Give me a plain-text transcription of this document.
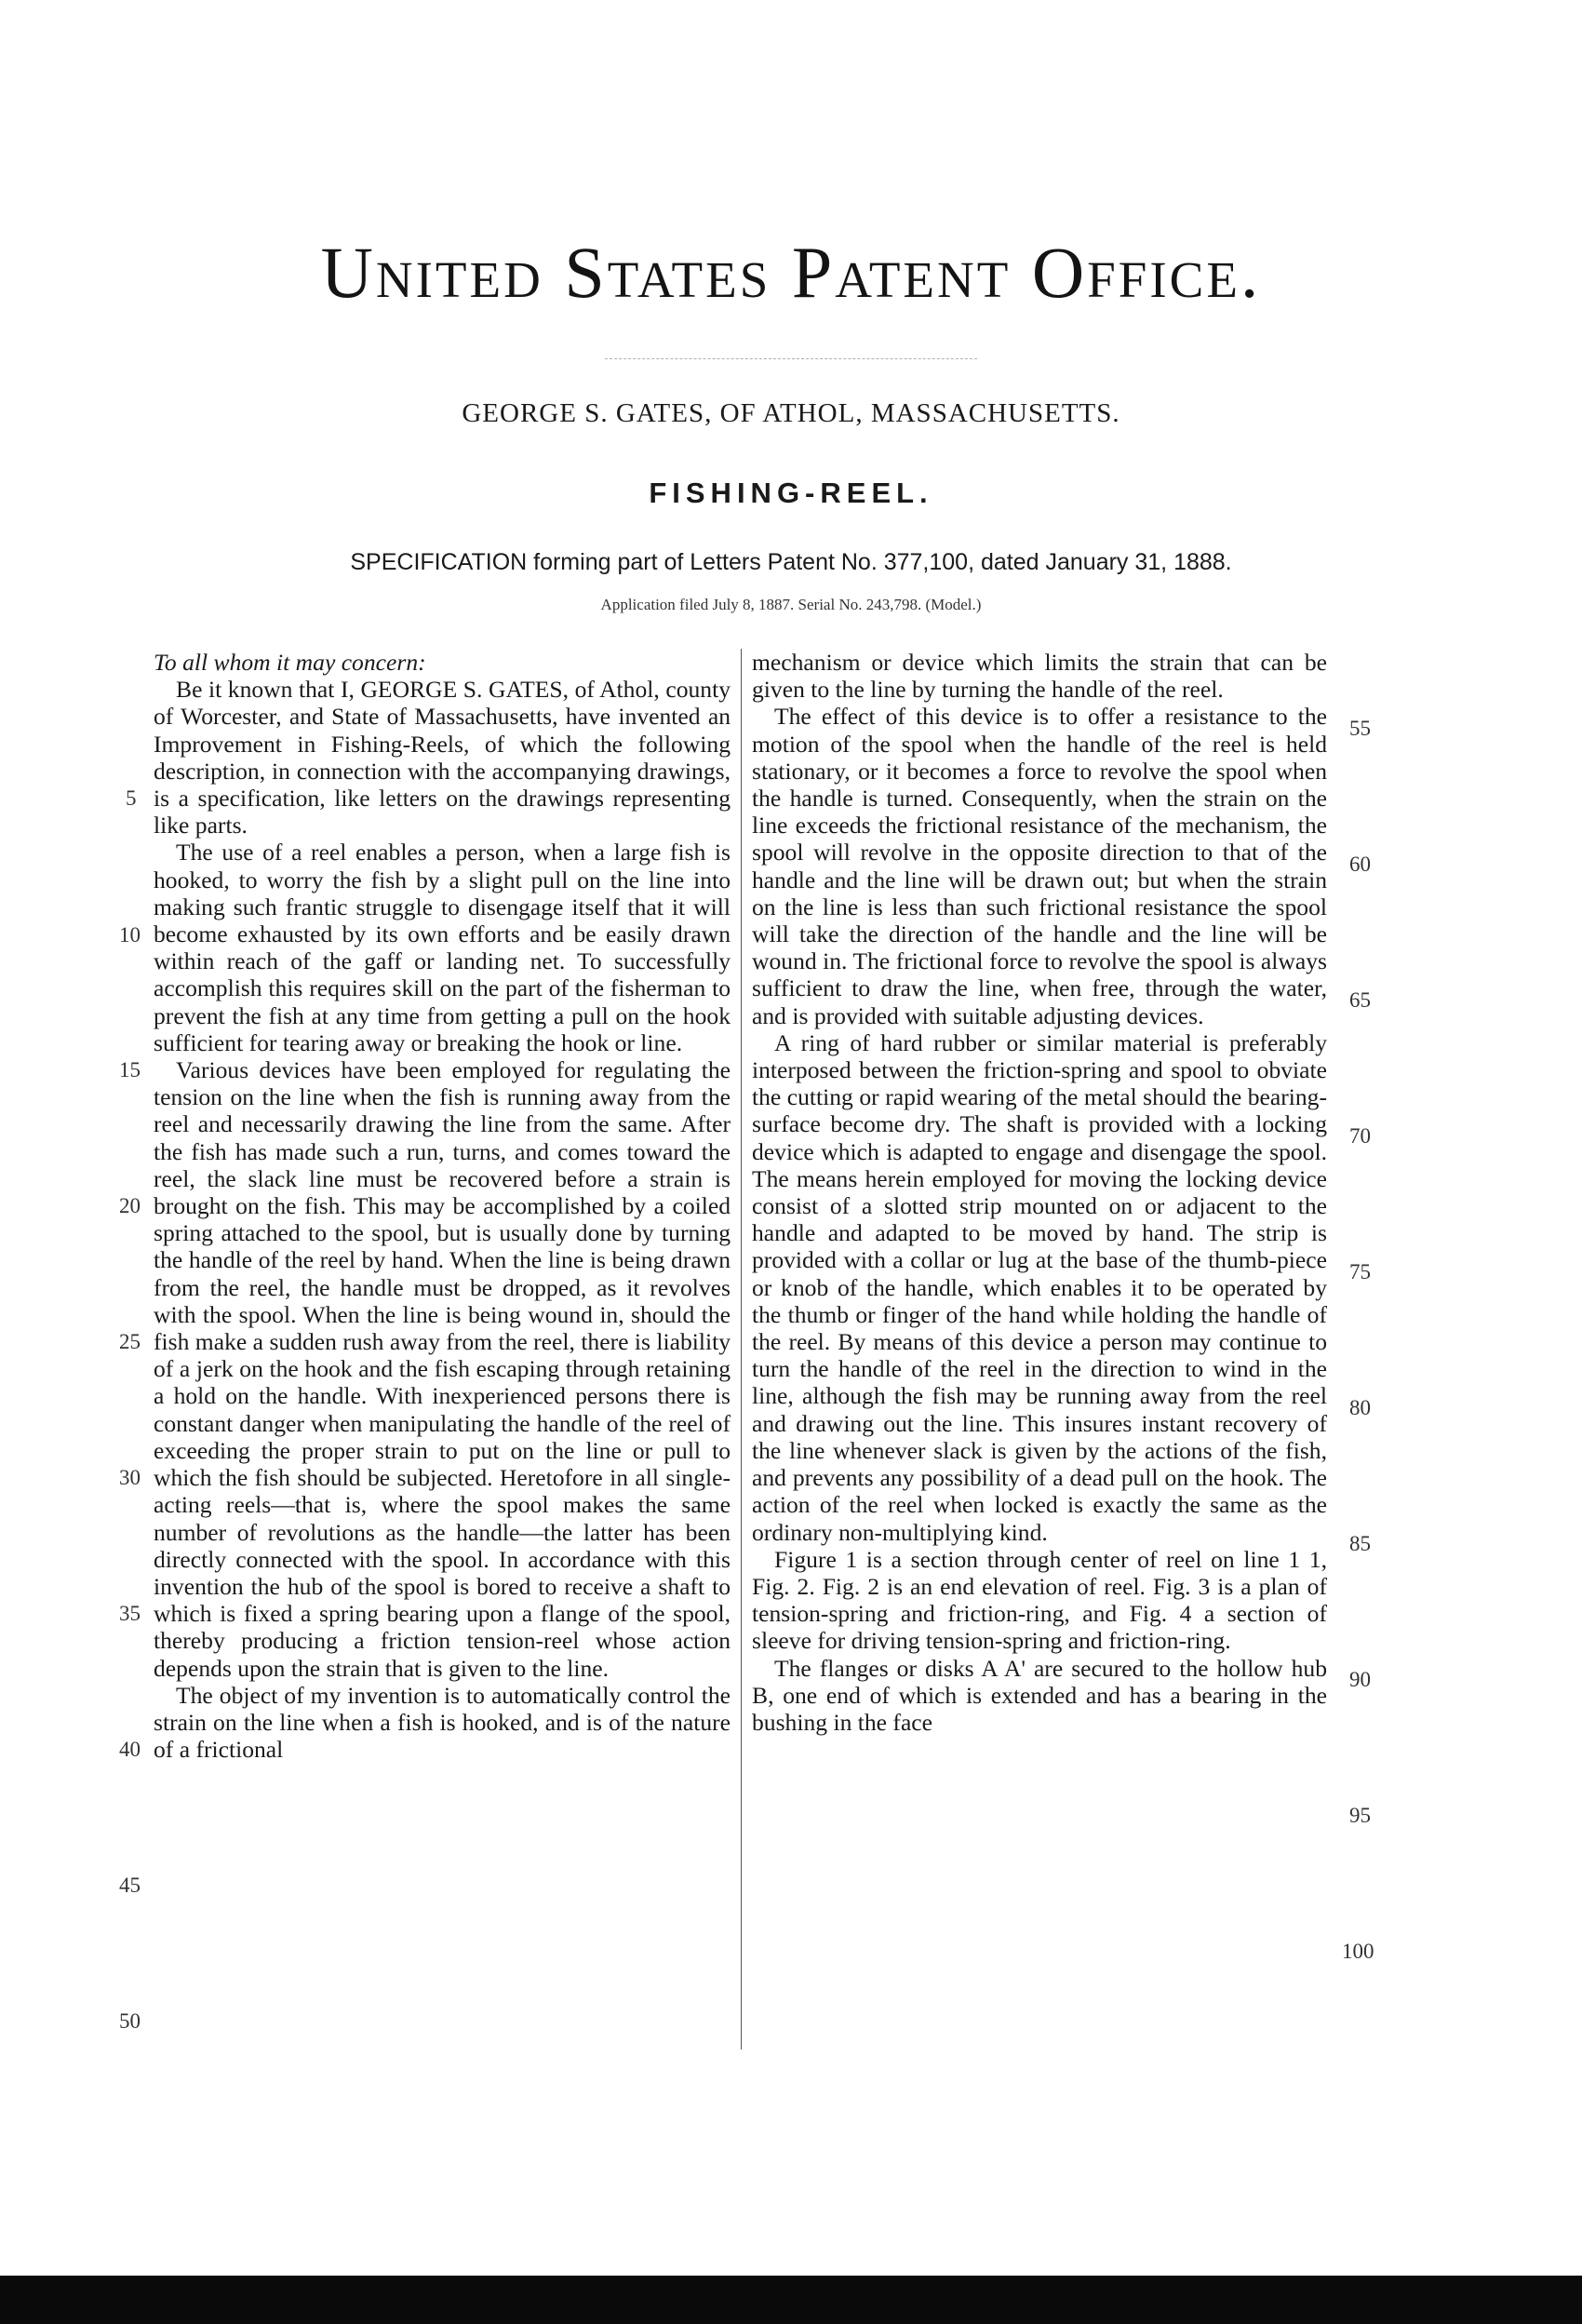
United States Patent Office.
GEORGE S. GATES, OF ATHOL, MASSACHUSETTS.
FISHING-REEL.
SPECIFICATION forming part of Letters Patent No. 377,100, dated January 31, 1888.
Application filed July 8, 1887. Serial No. 243,798. (Model.)

To all whom it may concern:

Be it known that I, GEORGE S. GATES, of Athol, county of Worcester, and State of Massachusetts, have invented an Improvement in Fishing-Reels, of which the following description, in connection with the accompanying drawings, is a specification, like letters on the drawings representing like parts.

The use of a reel enables a person, when a large fish is hooked, to worry the fish by a slight pull on the line into making such frantic struggle to disengage itself that it will become exhausted by its own efforts and be easily drawn within reach of the gaff or landing net. To successfully accomplish this requires skill on the part of the fisherman to prevent the fish at any time from getting a pull on the hook sufficient for tearing away or breaking the hook or line.

Various devices have been employed for regulating the tension on the line when the fish is running away from the reel and necessarily drawing the line from the same. After the fish has made such a run, turns, and comes toward the reel, the slack line must be recovered before a strain is brought on the fish. This may be accomplished by a coiled spring attached to the spool, but is usually done by turning the handle of the reel by hand. When the line is being drawn from the reel, the handle must be dropped, as it revolves with the spool. When the line is being wound in, should the fish make a sudden rush away from the reel, there is liability of a jerk on the hook and the fish escaping through retaining a hold on the handle. With inexperienced persons there is constant danger when manipulating the handle of the reel of exceeding the proper strain to put on the line or pull to which the fish should be subjected. Heretofore in all single-acting reels—that is, where the spool makes the same number of revolutions as the handle—the latter has been directly connected with the spool. In accordance with this invention the hub of the spool is bored to receive a shaft to which is fixed a spring bearing upon a flange of the spool, thereby producing a friction tension-reel whose action depends upon the strain that is given to the line.

The object of my invention is to automatically control the strain on the line when a fish is hooked, and is of the nature of a frictional

mechanism or device which limits the strain that can be given to the line by turning the handle of the reel.

The effect of this device is to offer a resistance to the motion of the spool when the handle of the reel is held stationary, or it becomes a force to revolve the spool when the handle is turned. Consequently, when the strain on the line exceeds the frictional resistance of the mechanism, the spool will revolve in the opposite direction to that of the handle and the line will be drawn out; but when the strain on the line is less than such frictional resistance the spool will take the direction of the handle and the line will be wound in. The frictional force to revolve the spool is always sufficient to draw the line, when free, through the water, and is provided with suitable adjusting devices.

A ring of hard rubber or similar material is preferably interposed between the friction-spring and spool to obviate the cutting or rapid wearing of the metal should the bearing-surface become dry. The shaft is provided with a locking device which is adapted to engage and disengage the spool. The means herein employed for moving the locking device consist of a slotted strip mounted on or adjacent to the handle and adapted to be moved by hand. The strip is provided with a collar or lug at the base of the thumb-piece or knob of the handle, which enables it to be operated by the thumb or finger of the hand while holding the handle of the reel. By means of this device a person may continue to turn the handle of the reel in the direction to wind in the line, although the fish may be running away from the reel and drawing out the line. This insures instant recovery of the line whenever slack is given by the actions of the fish, and prevents any possibility of a dead pull on the hook. The action of the reel when locked is exactly the same as the ordinary non-multiplying kind.

Figure 1 is a section through center of reel on line 1 1, Fig. 2. Fig. 2 is an end elevation of reel. Fig. 3 is a plan of tension-spring and friction-ring, and Fig. 4 a section of sleeve for driving tension-spring and friction-ring.

The flanges or disks A A' are secured to the hollow hub B, one end of which is extended and has a bearing in the bushing in the face

5
10
15
20
25
30
35
40
45
50
55
60
65
70
75
80
85
90
95
100
